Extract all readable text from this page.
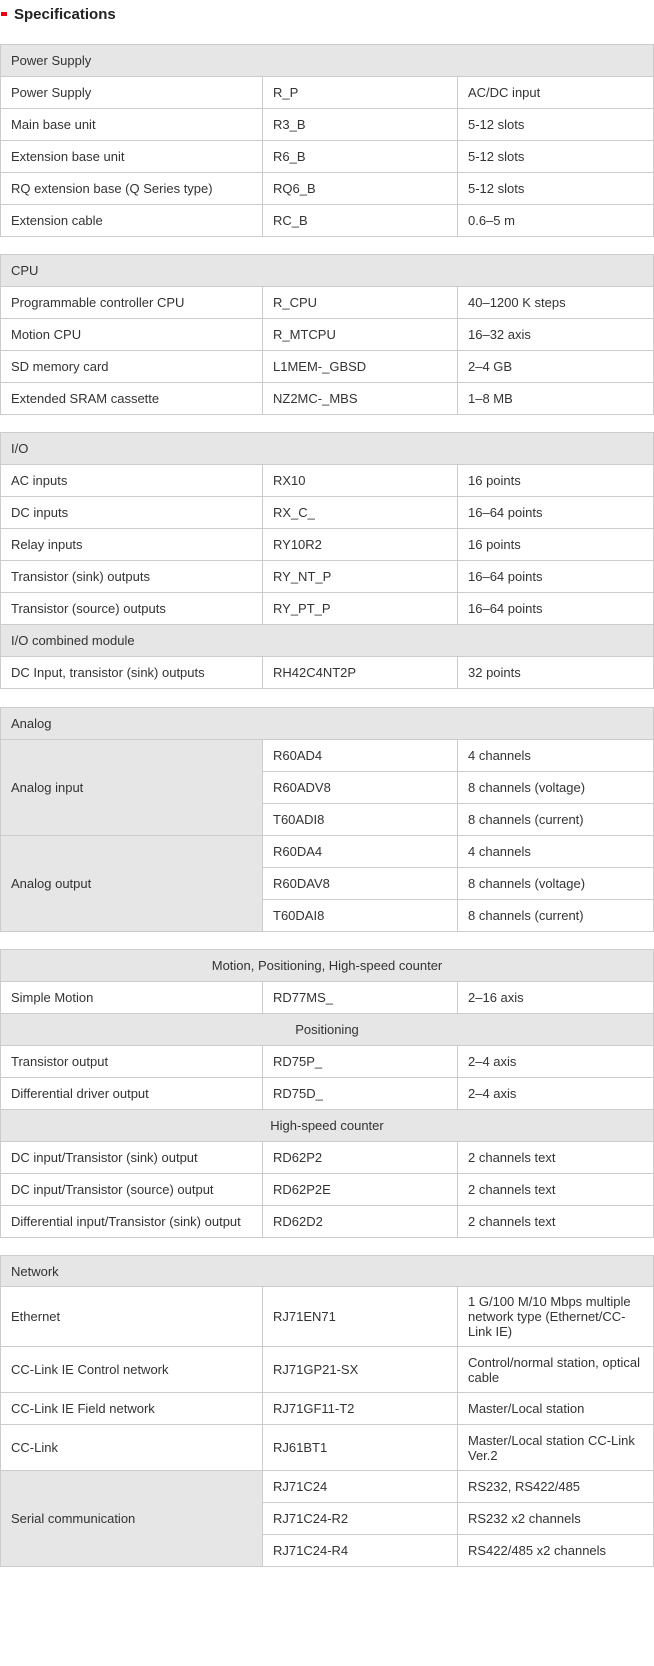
Specifications
Power Supply		
Power Supply	R_P	AC/DC input
Main base unit	R3_B	5-12 slots
Extension base unit	R6_B	5-12 slots
RQ extension base (Q Series type)	RQ6_B	5-12 slots
Extension cable	RC_B	0.6–5 m
CPU		
Programmable controller CPU	R_CPU	40–1200 K steps
Motion CPU	R_MTCPU	16–32 axis
SD memory card	L1MEM-_GBSD	2–4 GB
Extended SRAM cassette	NZ2MC-_MBS	1–8 MB
I/O		
AC inputs	RX10	16 points
DC inputs	RX_C_	16–64 points
Relay inputs	RY10R2	16 points
Transistor (sink) outputs	RY_NT_P	16–64 points
Transistor (source) outputs	RY_PT_P	16–64 points
I/O combined module		
DC Input, transistor (sink) outputs	RH42C4NT2P	32 points
Analog		
Analog input	R60AD4	4 channels
	R60ADV8	8 channels (voltage)
	T60ADI8	8 channels (current)
Analog output	R60DA4	4 channels
	R60DAV8	8 channels (voltage)
	T60DAI8	8 channels (current)
Motion, Positioning, High-speed counter		
Simple Motion	RD77MS_	2–16 axis
Positioning		
Transistor output	RD75P_	2–4 axis
Differential driver output	RD75D_	2–4 axis
High-speed counter		
DC input/Transistor (sink) output	RD62P2	2 channels text
DC input/Transistor (source) output	RD62P2E	2 channels text
Differential input/Transistor (sink) output	RD62D2	2 channels text
Network		
Ethernet	RJ71EN71	1 G/100 M/10 Mbps multiple network type (Ethernet/CC-Link IE)
CC-Link IE Control network	RJ71GP21-SX	Control/normal station, optical cable
CC-Link IE Field network	RJ71GF11-T2	Master/Local station
CC-Link	RJ61BT1	Master/Local station CC-Link Ver.2
Serial communication	RJ71C24	RS232, RS422/485
	RJ71C24-R2	RS232 x2 channels
	RJ71C24-R4	RS422/485 x2 channels
